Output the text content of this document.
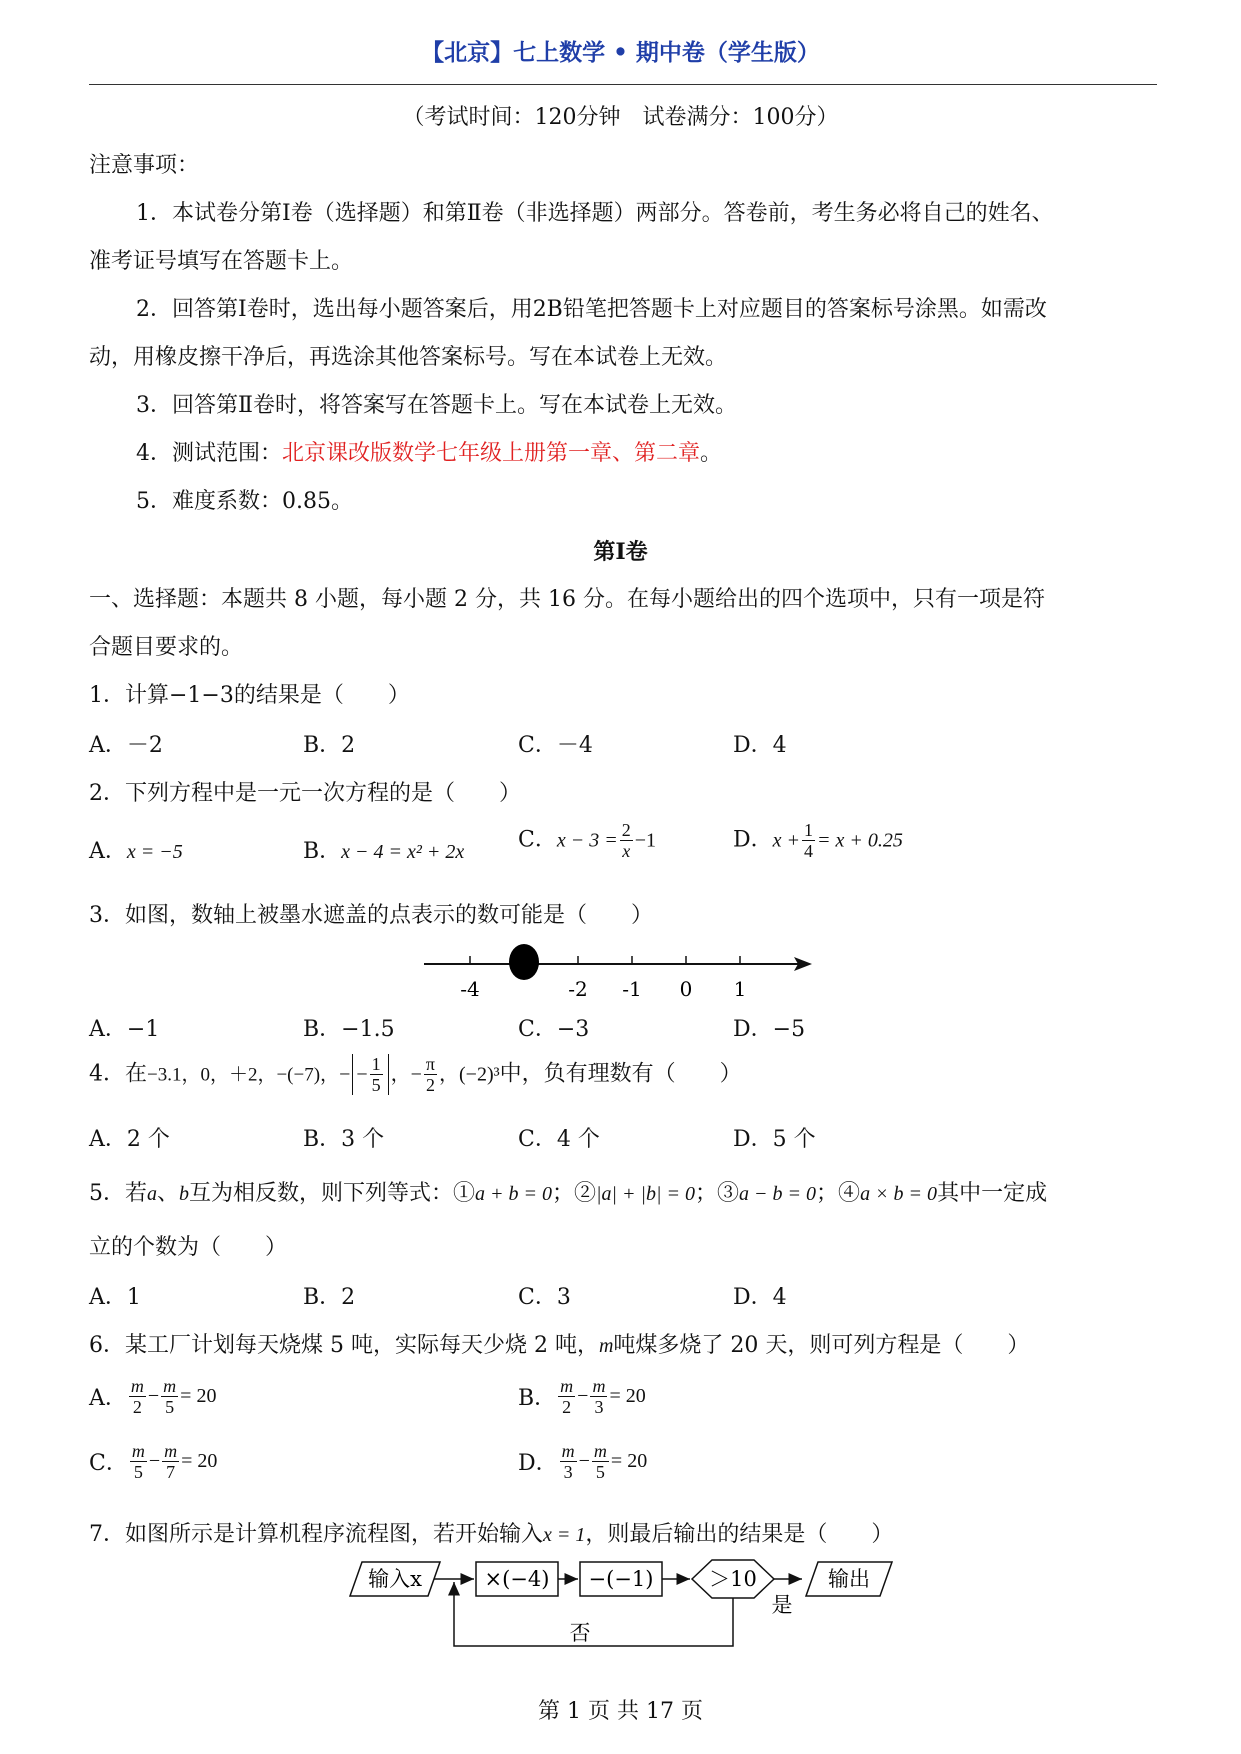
【北京】七上数学 • 期中卷（学生版）
（考试时间：120分钟　试卷满分：100分）
注意事项：
1．本试卷分第Ⅰ卷（选择题）和第Ⅱ卷（非选择题）两部分。答卷前，考生务必将自己的姓名、
准考证号填写在答题卡上。
2．回答第Ⅰ卷时，选出每小题答案后，用2B铅笔把答题卡上对应题目的答案标号涂黑。如需改
动，用橡皮擦干净后，再选涂其他答案标号。写在本试卷上无效。
3．回答第Ⅱ卷时，将答案写在答题卡上。写在本试卷上无效。
4．测试范围：北京课改版数学七年级上册第一章、第二章。
5．难度系数：0.85。
第Ⅰ卷
一、选择题：本题共 8 小题，每小题 2 分，共 16 分。在每小题给出的四个选项中，只有一项是符
合题目要求的。
1．计算−1−3的结果是（　　）
A．－2	B．2	C．－4	D．4
2．下列方程中是一元一次方程的是（　　）
A．x = −5	B．x − 4 = x² + 2x C．$x - 3 = \frac{2}{x} -1$	D．$x + \frac{1}{4} = x + 0.25$
3．如图，数轴上被墨水遮盖的点表示的数可能是（　　）
-4	-2 -1 0 1
A．−1	B．−1.5	C．−3	D．−5
4．在−3.1，0，＋2，−(−7)，− − $\frac{1}{5}$ ，− $\frac{\pi}{2}$ ，(−2)³中，负有理数有（　　）
A．2 个	B．3 个	C．4 个	D．5 个
5．若a、b互为相反数，则下列等式：①a + b = 0；②|a| + |b| = 0；③a − b = 0；④a × b = 0其中一定成
立的个数为（　　）
A．1	B．2	C．3	D．4
6．某工厂计划每天烧煤 5 吨，实际每天少烧 2 吨，m吨煤多烧了 20 天，则可列方程是（　　）
A． $\frac{m}{2} - \frac{m}{5} = 20$	B． $\frac{m}{2} - \frac{m}{3} = 20$
C． $\frac{m}{5} - \frac{m}{7} = 20$	D． $\frac{m}{3} - \frac{m}{5} = 20$
7．如图所示是计算机程序流程图，若开始输入x = 1，则最后输出的结果是（　　）
输入x	×(−4) −(−1)	＞10
是
输出
否
第 1 页 共 17 页
